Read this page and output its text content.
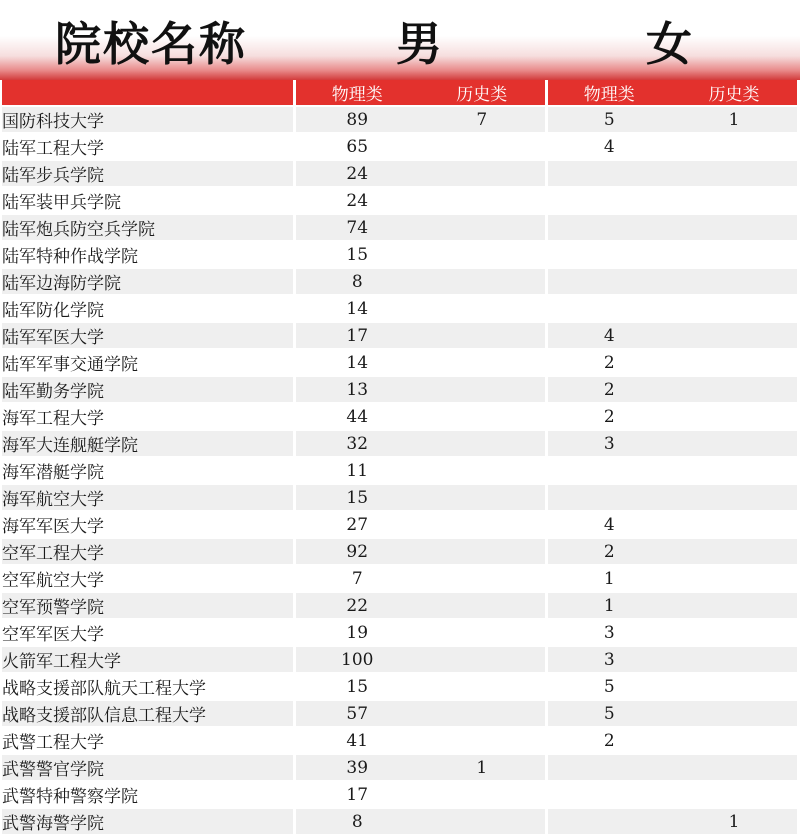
院校名称	男	女
	物理类	历史类	物理类	历史类
国防科技大学	89	7	5	1
陆军工程大学	65		4	
陆军步兵学院	24			
陆军装甲兵学院	24			
陆军炮兵防空兵学院	74			
陆军特种作战学院	15			
陆军边海防学院	8			
陆军防化学院	14			
陆军军医大学	17		4	
陆军军事交通学院	14		2	
陆军勤务学院	13		2	
海军工程大学	44		2	
海军大连舰艇学院	32		3	
海军潜艇学院	11			
海军航空大学	15			
海军军医大学	27		4	
空军工程大学	92		2	
空军航空大学	7		1	
空军预警学院	22		1	
空军军医大学	19		3	
火箭军工程大学	100		3	
战略支援部队航天工程大学	15		5	
战略支援部队信息工程大学	57		5	
武警工程大学	41		2	
武警警官学院	39	1		
武警特种警察学院	17			
武警海警学院	8			1
